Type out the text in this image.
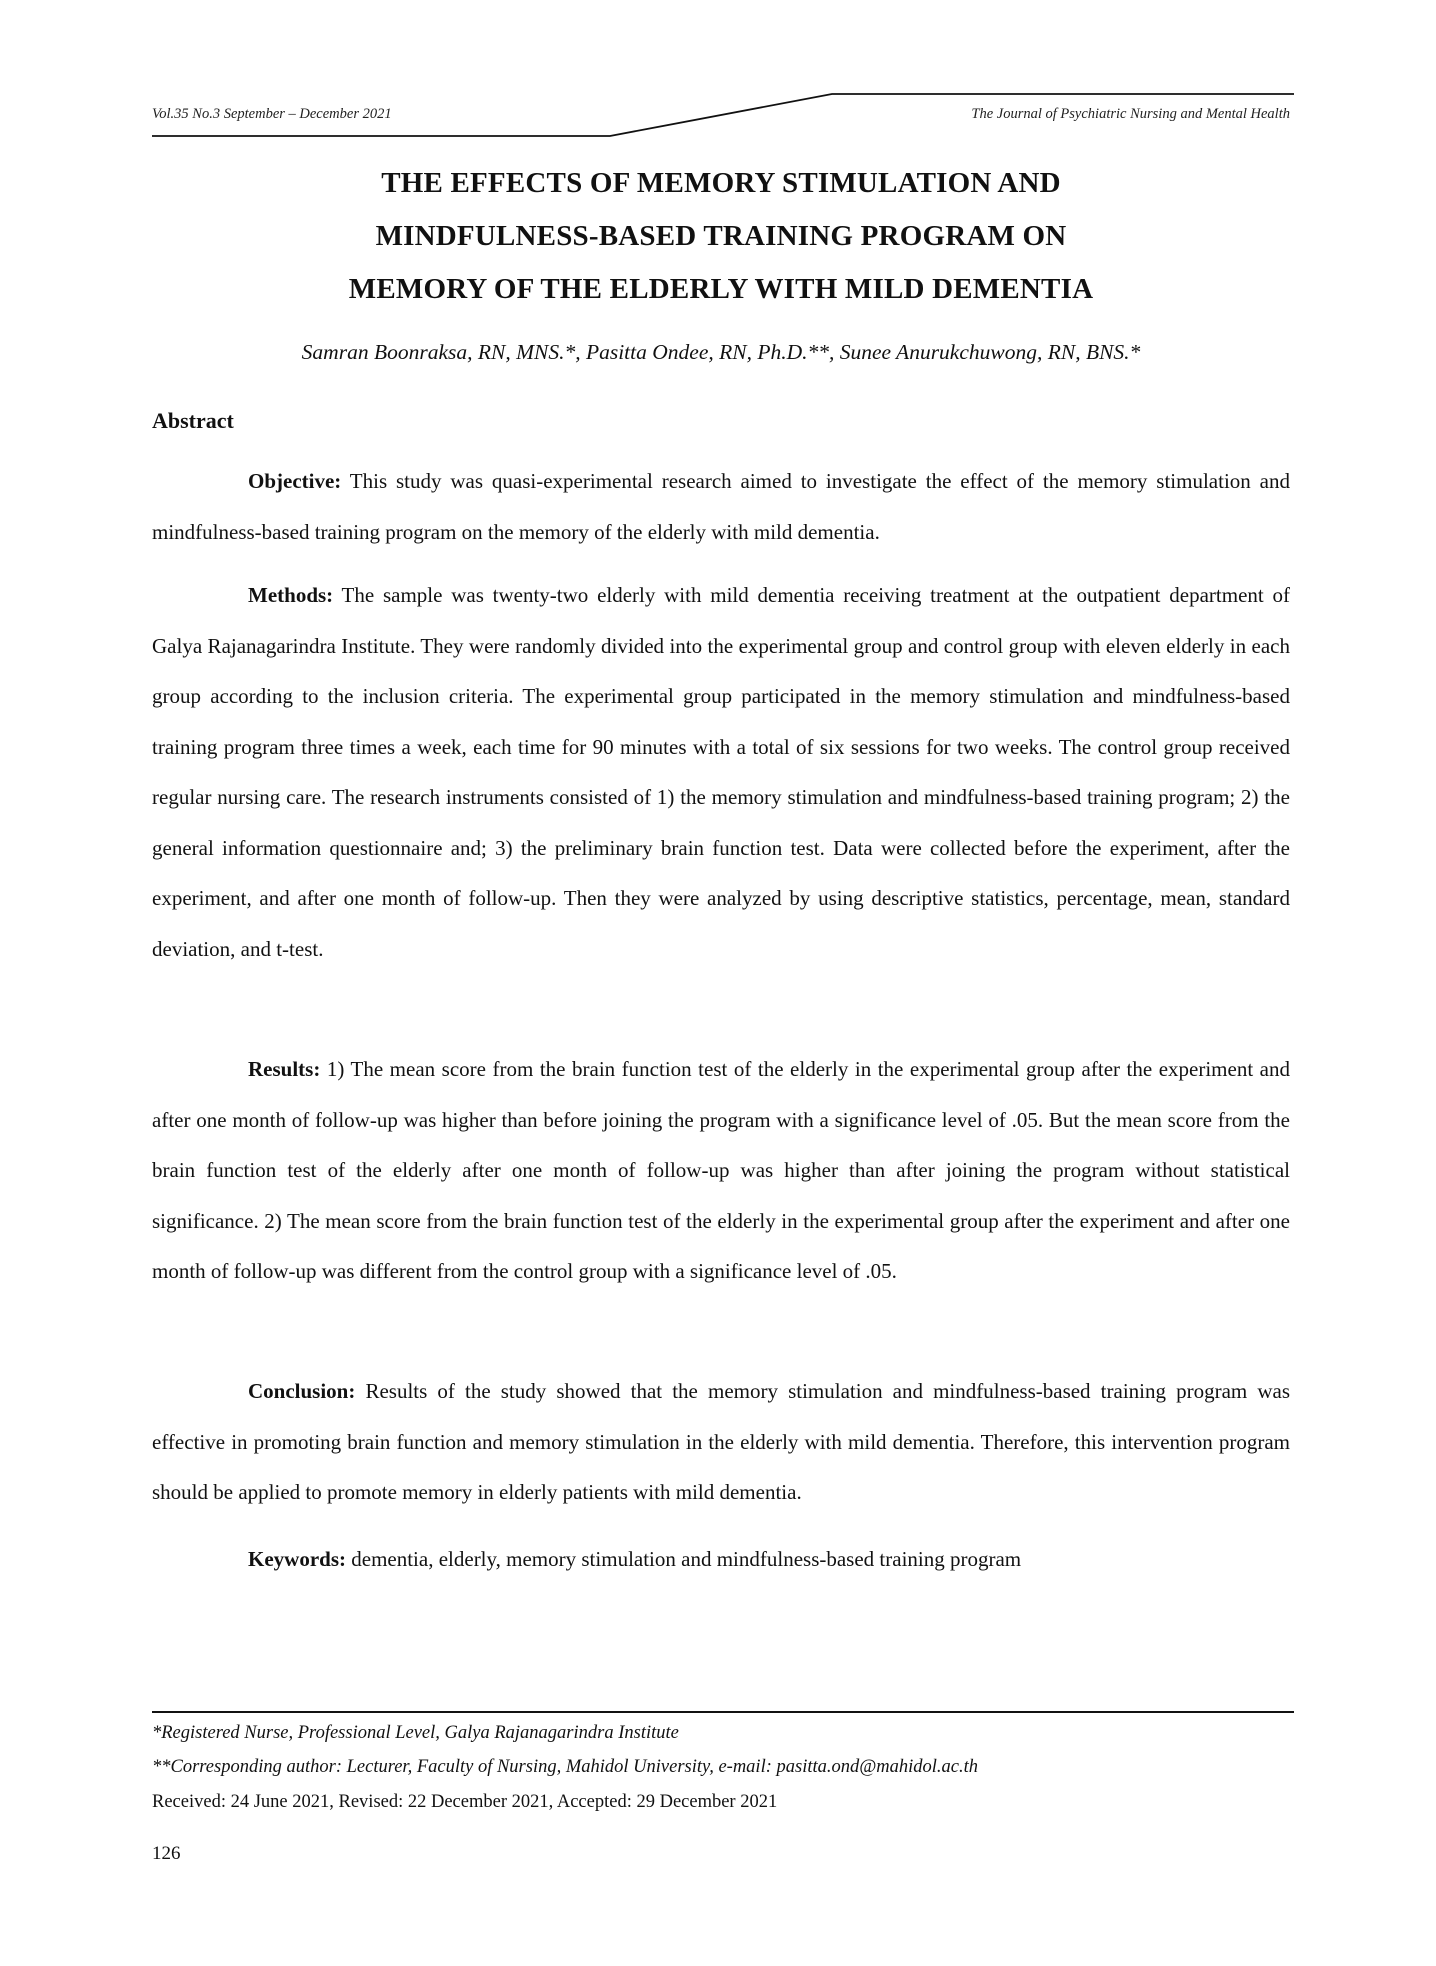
Vol.35 No.3 September – December 2021	The Journal of Psychiatric Nursing and Mental Health
THE EFFECTS OF MEMORY STIMULATION AND
MINDFULNESS-BASED TRAINING PROGRAM ON
MEMORY OF THE ELDERLY WITH MILD DEMENTIA
Samran Boonraksa, RN, MNS.*, Pasitta Ondee, RN, Ph.D.**, Sunee Anurukchuwong, RN, BNS.*
Abstract
Objective: This study was quasi-experimental research aimed to investigate the effect of the memory stimulation and mindfulness-based training program on the memory of the elderly with mild dementia.
Methods: The sample was twenty-two elderly with mild dementia receiving treatment at the outpatient department of Galya Rajanagarindra Institute. They were randomly divided into the experimental group and control group with eleven elderly in each group according to the inclusion criteria. The experimental group participated in the memory stimulation and mindfulness-based training program three times a week, each time for 90 minutes with a total of six sessions for two weeks. The control group received regular nursing care. The research instruments consisted of 1) the memory stimulation and mindfulness-based training program; 2) the general information questionnaire and; 3) the preliminary brain function test. Data were collected before the experiment, after the experiment, and after one month of follow-up. Then they were analyzed by using descriptive statistics, percentage, mean, standard deviation, and t-test.
Results: 1) The mean score from the brain function test of the elderly in the experimental group after the experiment and after one month of follow-up was higher than before joining the program with a significance level of .05. But the mean score from the brain function test of the elderly after one month of follow-up was higher than after joining the program without statistical significance. 2) The mean score from the brain function test of the elderly in the experimental group after the experiment and after one month of follow-up was different from the control group with a significance level of .05.
Conclusion: Results of the study showed that the memory stimulation and mindfulness-based training program was effective in promoting brain function and memory stimulation in the elderly with mild dementia. Therefore, this intervention program should be applied to promote memory in elderly patients with mild dementia.
Keywords: dementia, elderly, memory stimulation and mindfulness-based training program
*Registered Nurse, Professional Level, Galya Rajanagarindra Institute
**Corresponding author: Lecturer, Faculty of Nursing, Mahidol University, e-mail: pasitta.ond@mahidol.ac.th
Received: 24 June 2021, Revised: 22 December 2021, Accepted: 29 December 2021
126
